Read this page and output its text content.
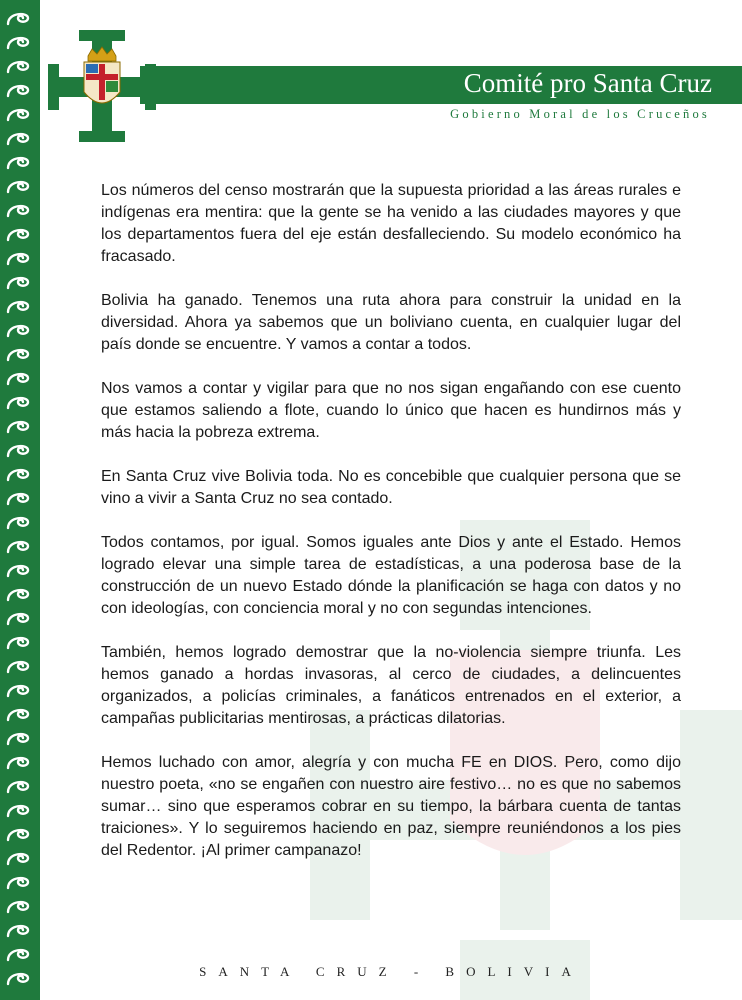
Comité pro Santa Cruz
Gobierno Moral de los Cruceños

Los números del censo mostrarán que la supuesta prioridad a las áreas rurales e indígenas era mentira: que la gente se ha venido a las ciudades mayores y que los departamentos fuera del eje están desfalleciendo. Su modelo económico ha fracasado.

Bolivia ha ganado. Tenemos una ruta ahora para construir la unidad en la diversidad. Ahora ya sabemos que un boliviano cuenta, en cualquier lugar del país donde se encuentre. Y vamos a contar a todos.

Nos vamos a contar y vigilar para que no nos sigan engañando con ese cuento que estamos saliendo a flote, cuando lo único que hacen es hundirnos más y más hacia la pobreza extrema.

En Santa Cruz vive Bolivia toda. No es concebible que cualquier persona que se vino a vivir a Santa Cruz no sea contado.

Todos contamos, por igual. Somos iguales ante Dios y ante el Estado. Hemos logrado elevar una simple tarea de estadísticas, a una poderosa base de la construcción de un nuevo Estado dónde la planificación se haga con datos y no con ideologías, con conciencia moral y no con segundas intenciones.

También, hemos logrado demostrar que la no-violencia siempre triunfa. Les hemos ganado a hordas invasoras, al cerco de ciudades, a delincuentes organizados, a policías criminales, a fanáticos entrenados en el exterior, a campañas publicitarias mentirosas, a prácticas dilatorias.

Hemos luchado con amor, alegría y con mucha FE en DIOS. Pero, como dijo nuestro poeta, «no se engañen con nuestro aire festivo… no es que no sabemos sumar… sino que esperamos cobrar en su tiempo, la bárbara cuenta de tantas traiciones». Y lo seguiremos haciendo en paz, siempre reuniéndonos a los pies del Redentor. ¡Al primer campanazo!

SANTA CRUZ - BOLIVIA
